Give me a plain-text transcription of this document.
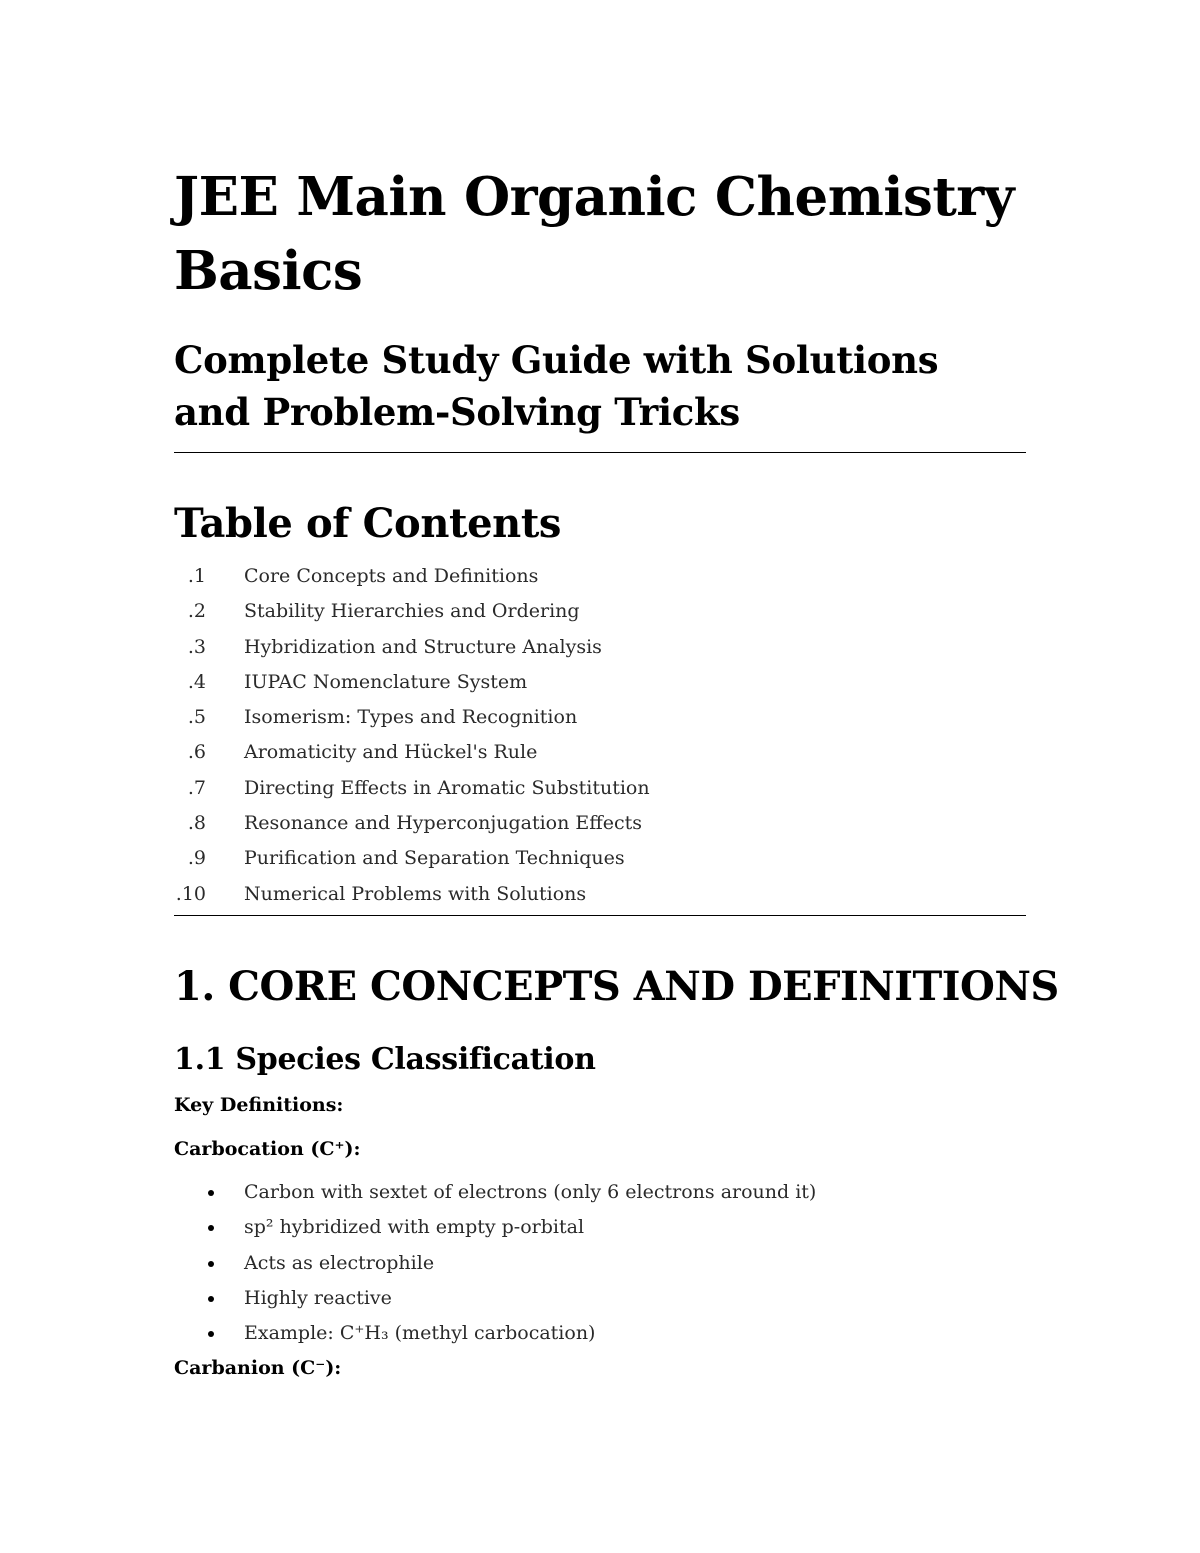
JEE Main Organic Chemistry Basics
Complete Study Guide with Solutions and Problem-Solving Tricks
Table of Contents
1. Core Concepts and Definitions
2. Stability Hierarchies and Ordering
3. Hybridization and Structure Analysis
4. IUPAC Nomenclature System
5. Isomerism: Types and Recognition
6. Aromaticity and Hückel's Rule
7. Directing Effects in Aromatic Substitution
8. Resonance and Hyperconjugation Effects
9. Purification and Separation Techniques
10. Numerical Problems with Solutions
1. CORE CONCEPTS AND DEFINITIONS
1.1 Species Classification

Key Definitions:

Carbocation (C⁺):

Carbon with sextet of electrons (only 6 electrons around it)
sp² hybridized with empty p-orbital
Acts as electrophile
Highly reactive
Example: C⁺H₃ (methyl carbocation)

Carbanion (C⁻):
